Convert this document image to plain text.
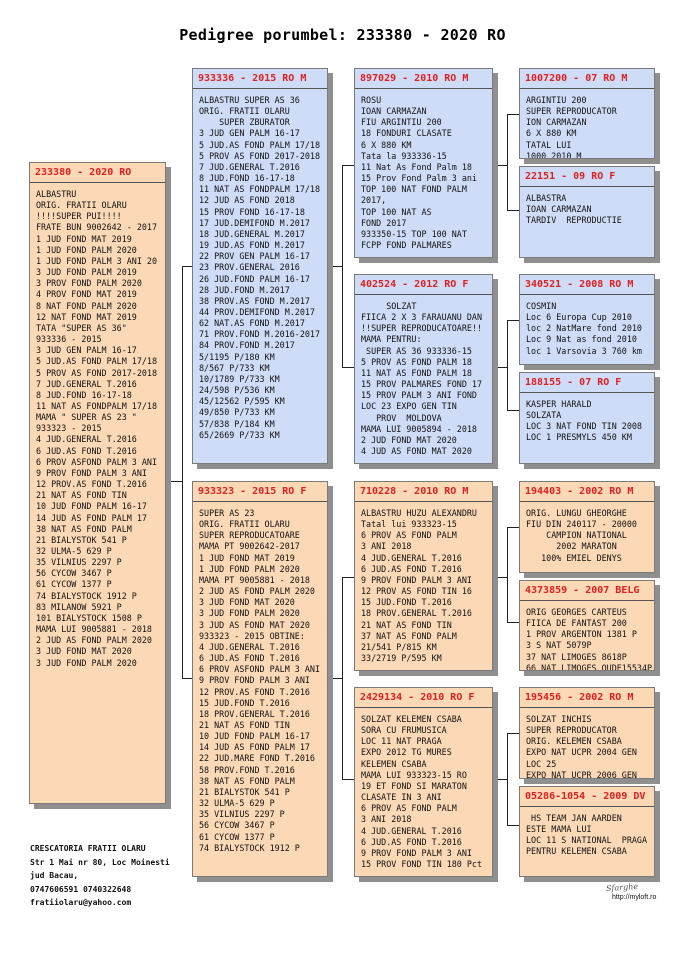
Pedigree porumbel: 233380 - 2020 RO
233380 - 2020 RO
ALBASTRU
ORIG. FRATII OLARU
!!!!SUPER PUI!!!!
FRATE BUN 9002642 - 2017
1 JUD FOND MAT 2019
1 JUD FOND PALM 2020
1 JUD FOND PALM 3 ANI 20
3 JUD FOND PALM 2019
3 PROV FOND PALM 2020
4 PROV FOND MAT 2019
8 NAT FOND PALM 2020
12 NAT FOND MAT 2019
TATA "SUPER AS 36"
933336 - 2015
3 JUD GEN PALM 16-17
5 JUD.AS FOND PALM 17/18
5 PROV AS FOND 2017-2018
7 JUD.GENERAL T.2016
8 JUD.FOND 16-17-18
11 NAT AS FONDPALM 17/18
MAMA " SUPER AS 23 "
933323 - 2015
4 JUD.GENERAL T.2016
6 JUD.AS FOND T.2016
6 PROV ASFOND PALM 3 ANI
9 PROV FOND PALM 3 ANI
12 PROV.AS FOND T.2016
21 NAT AS FOND TIN
10 JUD FOND PALM 16-17
14 JUD AS FOND PALM 17
38 NAT AS FOND PALM
21 BIALYSTOK 541 P
32 ULMA-5 629 P
35 VILNIUS 2297 P
56 CYCOW 3467 P
61 CYCOW 1377 P
74 BIALYSTOCK 1912 P
83 MILANOW 5921 P
101 BIALYSTOCK 1508 P
MAMA LUI 9005881 - 2018
2 JUD AS FOND PALM 2020
3 JUD FOND MAT 2020
3 JUD FOND PALM 2020
933336 - 2015 RO M
ALBASTRU SUPER AS 36
ORIG. FRATII OLARU
SUPER ZBURATOR
3 JUD GEN PALM 16-17
5 JUD.AS FOND PALM 17/18
5 PROV AS FOND 2017-2018
7 JUD.GENERAL T.2016
8 JUD.FOND 16-17-18
11 NAT AS FONDPALM 17/18
12 JUD AS FOND 2018
15 PROV FOND 16-17-18
17 JUD.DEMIFOND M.2017
18 JUD.GENERAL M.2017
19 JUD.AS FOND M.2017
22 PROV GEN PALM 16-17
23 PROV.GENERAL 2016
26 JUD.FOND PALM 16-17
28 JUD.FOND M.2017
38 PROV.AS FOND M.2017
44 PROV.DEMIFOND M.2017
62 NAT.AS FOND M.2017
71 PROV.FOND M.2016-2017
84 PROV.FOND M.2017
5/1195 P/180 KM
8/567 P/733 KM
10/1789 P/733 KM
24/598 P/536 KM
45/12562 P/595 KM
49/850 P/733 KM
57/838 P/184 KM
65/2669 P/733 KM
933323 - 2015 RO F
SUPER AS 23
ORIG. FRATII OLARU
SUPER REPRODUCATOARE
MAMA PT 9002642-2017
1 JUD FOND MAT 2019
1 JUD FOND PALM 2020
MAMA PT 9005881 - 2018
2 JUD AS FOND PALM 2020
3 JUD FOND MAT 2020
3 JUD FOND PALM 2020
3 JUD AS FOND MAT 2020
933323 - 2015 OBTINE:
4 JUD.GENERAL T.2016
6 JUD.AS FOND T.2016
6 PROV ASFOND PALM 3 ANI
9 PROV FOND PALM 3 ANI
12 PROV.AS FOND T.2016
15 JUD.FOND T.2016
18 PROV.GENERAL T.2016
21 NAT AS FOND TIN
10 JUD FOND PALM 16-17
14 JUD AS FOND PALM 17
22 JUD.MARE FOND T.2016
58 PROV.FOND T.2016
38 NAT AS FOND PALM
21 BIALYSTOK 541 P
32 ULMA-5 629 P
35 VILNIUS 2297 P
56 CYCOW 3467 P
61 CYCOW 1377 P
74 BIALYSTOCK 1912 P
897029 - 2010 RO M
ROSU
IOAN CARMAZAN
FIU ARGINTIU 200
18 FONDURI CLASATE
6 X 880 KM
Tata la 933336-15
11 Nat As Fond Palm 18
15 Prov Fond Palm 3 ani
TOP 100 NAT FOND PALM
2017,
TOP 100 NAT AS
FOND 2017
933350-15 TOP 100 NAT
FCPP FOND PALMARES
402524 - 2012 RO F
SOLZAT
FIICA 2 X 3 FARAUANU DAN
!!SUPER REPRODUCATOARE!!
MAMA PENTRU:
SUPER AS 36 933336-15
5 PROV AS FOND PALM 18
11 NAT AS FOND PALM 18
15 PROV PALMARES FOND 17
15 PROV PALM 3 ANI FOND
LOC 23 EXPO GEN TIN
PROV  MOLDOVA
MAMA LUI 9005894 - 2018
2 JUD FOND MAT 2020
4 JUD AS FOND MAT 2020
710228 - 2010 RO M
ALBASTRU HUZU ALEXANDRU
Tatal lui 933323-15
6 PROV AS FOND PALM
3 ANI 2018
4 JUD.GENERAL T.2016
6 JUD.AS FOND T.2016
9 PROV FOND PALM 3 ANI
12 PROV AS FOND TIN 16
15 JUD.FOND T.2016
18 PROV.GENERAL T.2016
21 NAT AS FOND TIN
37 NAT AS FOND PALM
21/541 P/815 KM
33/2719 P/595 KM
2429134 - 2010 RO F
SOLZAT KELEMEN CSABA
SORA CU FRUMUSICA
LOC 11 NAT PRAGA
EXPO 2012 TG MURES
KELEMEN CSABA
MAMA LUI 933323-15 RO
19 ET FOND SI MARATON
CLASATE IN 3 ANI
6 PROV AS FOND PALM
3 ANI 2018
4 JUD.GENERAL T.2016
6 JUD.AS FOND T.2016
9 PROV FOND PALM 3 ANI
15 PROV FOND TIN 180 Pct
1007200 - 07 RO M
ARGINTIU 200
SUPER REPRODUCATOR
ION CARMAZAN
6 X 880 KM
TATAL LUI
1000 2010 M
22151 - 09 RO F
ALBASTRA
IOAN CARMAZAN
TARDIV  REPRODUCTIE
340521 - 2008 RO M
COSMIN
Loc 6 Europa Cup 2010
loc 2 NatMare fond 2010
Loc 9 Nat as fond 2010
loc 1 Varsovia 3 760 km
188155 - 07 RO F
KASPER HARALD
SOLZATA
LOC 3 NAT FOND TIN 2008
LOC 1 PRESMYLS 450 KM
194403 - 2002 RO M
ORIG. LUNGU GHEORGHE
FIU DIN 240117 - 20000
CAMPION NATIONAL
2002 MARATON
100% EMIEL DENYS
4373859 - 2007 BELG
ORIG GEORGES CARTEUS
FIICA DE FANTAST 200
1 PROV ARGENTON 1381 P
3 S NAT 5079P
37 NAT LIMOGES 8618P
66 NAT LIMOGES OUDE15534P
195456 - 2002 RO M
SOLZAT INCHIS
SUPER REPRODUCATOR
ORIG. KELEMEN CSABA
EXPO NAT UCPR 2004 GEN
LOC 25
EXPO NAT UCPR 2006 GEN
05286-1054 - 2009 DV
HS TEAM JAN AARDEN
ESTE MAMA LUI
LOC 11 S NATIONAL  PRAGA
PENTRU KELEMEN CSABA
CRESCATORIA FRATII OLARU
Str 1 Mai nr 80, Loc Moinesti
jud Bacau,
0747606591 0740322648
fratiiolaru@yahoo.com
Sfarghe
http://myloft.ro
